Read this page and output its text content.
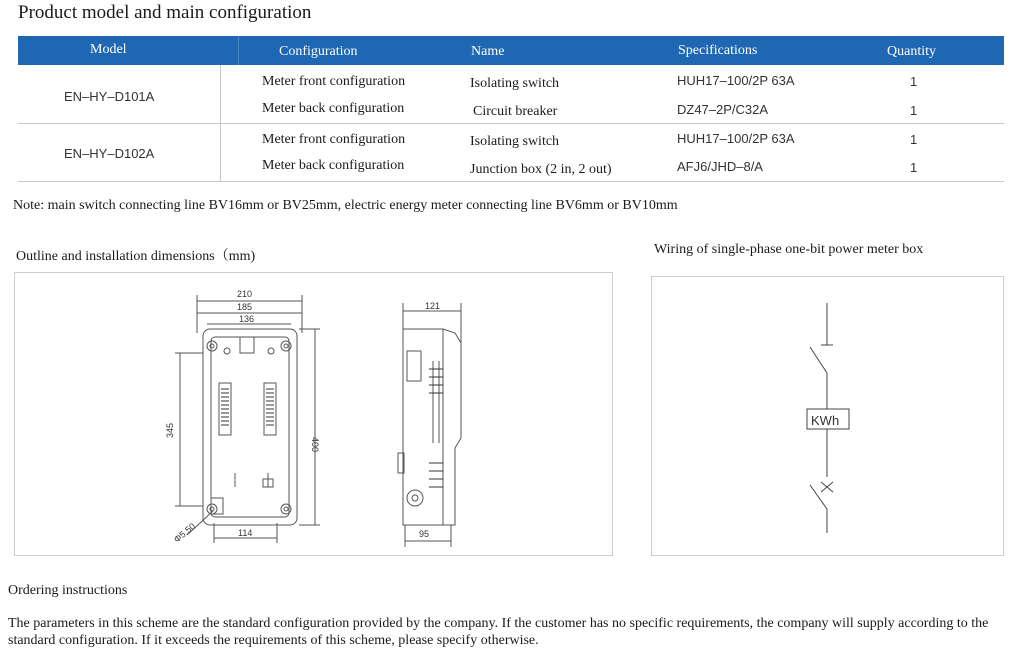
Product model and main configuration
Model	Configuration	Name	Specifications	Quantity
EN–HY–D101A
Meter front configuration	Isolating switch	HUH17–100/2P 63A	1
Meter back configuration	Circuit breaker	DZ47–2P/C32A	1
EN–HY–D102A
Meter front configuration	Isolating switch	HUH17–100/2P 63A	1
Meter back configuration	Junction box (2 in, 2 out)	AFJ6/JHD–8/A	1
Note: main switch connecting line BV16mm or BV25mm, electric energy meter connecting line BV6mm or BV10mm
Outline and installation dimensions（mm)	Wiring of single-phase one-bit power meter box
210
185
136
345
400
114
Φ5.50
121
95
KWh
Ordering instructions
The parameters in this scheme are the standard configuration provided by the company. If the customer has no specific requirements, the company will supply according to the standard configuration. If it exceeds the requirements of this scheme, please specify otherwise.
